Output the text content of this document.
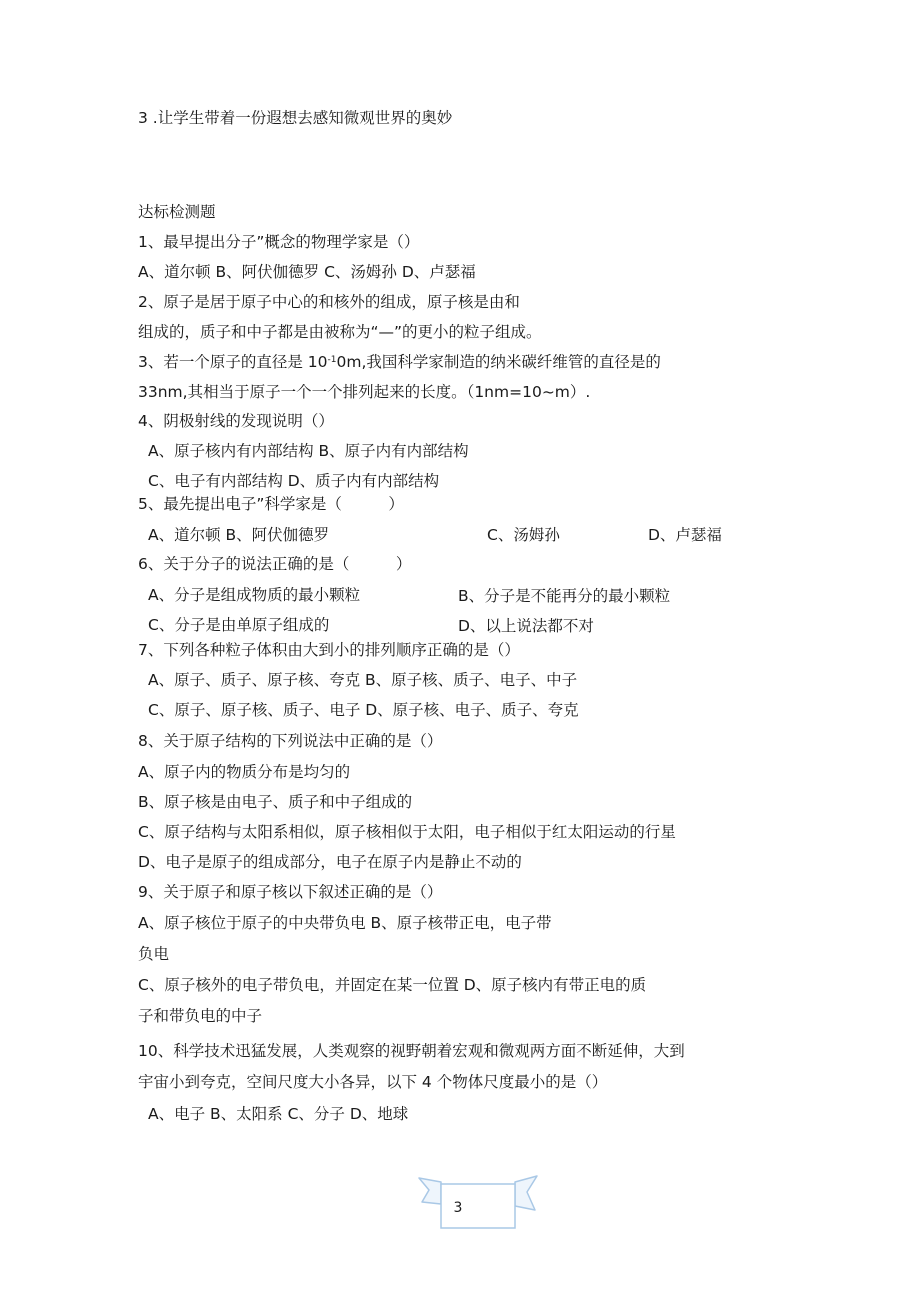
3 .让学生带着一份遐想去感知微观世界的奥妙
达标检测题
1、最早提出分子”概念的物理学家是（）
A、道尔顿 B、阿伏伽德罗 C、汤姆孙 D、卢瑟福
2、原子是居于原子中心的和核外的组成，原子核是由和
组成的，质子和中子都是由被称为“—”的更小的粒子组成。
3、若一个原子的直径是 $10^{-1}0m$,我国科学家制造的纳米碳纤维管的直径是的
33nm,其相当于原子一个一个排列起来的长度。（1nm=10~m）.
4、阴极射线的发现说明（）
A、原子核内有内部结构 B、原子内有内部结构
C、电子有内部结构 D、质子内有内部结构
5、最先提出电子”科学家是（　　　）
A、道尔顿 B、阿伏伽德罗	C、汤姆孙	D、卢瑟福
6、关于分子的说法正确的是（　　　）
A、分子是组成物质的最小颗粒	B、分子是不能再分的最小颗粒
C、分子是由单原子组成的	D、以上说法都不对
7、下列各种粒子体积由大到小的排列顺序正确的是（）
A、原子、质子、原子核、夸克 B、原子核、质子、电子、中子
C、原子、原子核、质子、电子 D、原子核、电子、质子、夸克
8、关于原子结构的下列说法中正确的是（）
A、原子内的物质分布是均匀的
B、原子核是由电子、质子和中子组成的
C、原子结构与太阳系相似，原子核相似于太阳，电子相似于红太阳运动的行星
D、电子是原子的组成部分，电子在原子内是静止不动的
9、关于原子和原子核以下叙述正确的是（）
A、原子核位于原子的中央带负电 B、原子核带正电，电子带
负电
C、原子核外的电子带负电，并固定在某一位置 D、原子核内有带正电的质
子和带负电的中子
10、科学技术迅猛发展，人类观察的视野朝着宏观和微观两方面不断延伸，大到
宇宙小到夸克，空间尺度大小各异，以下 4 个物体尺度最小的是（）
A、电子 B、太阳系 C、分子 D、地球
3
